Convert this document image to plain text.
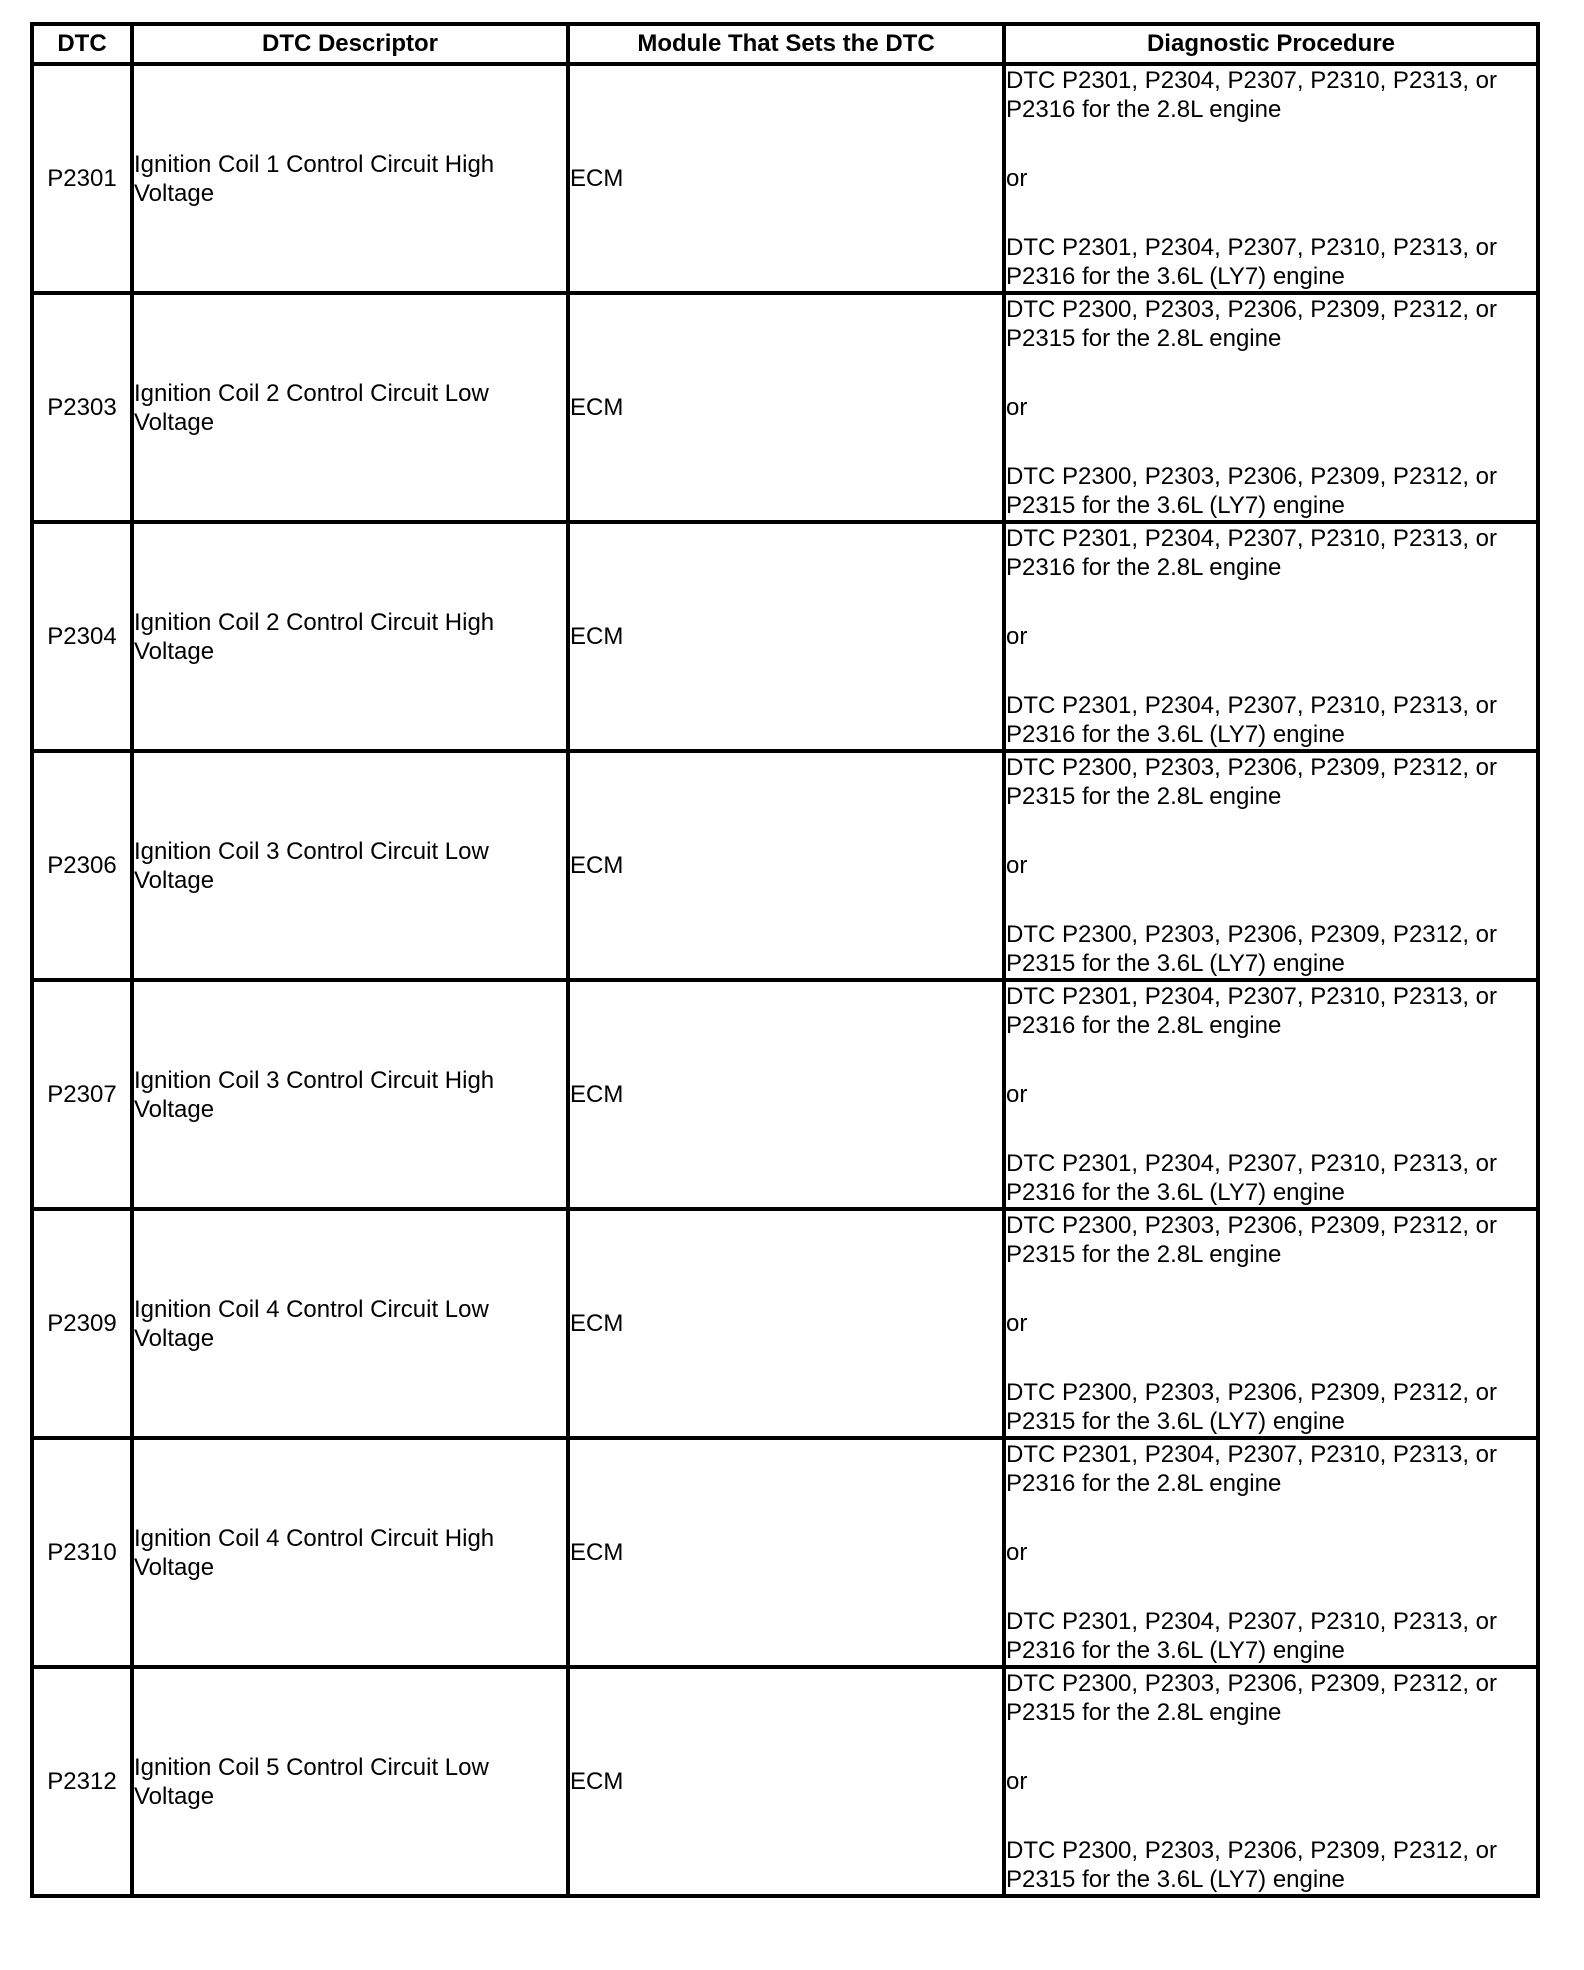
DTC	DTC Descriptor	Module That Sets the DTC	Diagnostic Procedure
P2301	Ignition Coil 1 Control Circuit High Voltage	ECM	DTC P2301, P2304, P2307, P2310, P2313, or P2316 for the 2.8L engine
or
DTC P2301, P2304, P2307, P2310, P2313, or P2316 for the 3.6L (LY7) engine

P2303	Ignition Coil 2 Control Circuit Low Voltage	ECM	DTC P2300, P2303, P2306, P2309, P2312, or P2315 for the 2.8L engine
or
DTC P2300, P2303, P2306, P2309, P2312, or P2315 for the 3.6L (LY7) engine

P2304	Ignition Coil 2 Control Circuit High Voltage	ECM	DTC P2301, P2304, P2307, P2310, P2313, or P2316 for the 2.8L engine
or
DTC P2301, P2304, P2307, P2310, P2313, or P2316 for the 3.6L (LY7) engine

P2306	Ignition Coil 3 Control Circuit Low Voltage	ECM	DTC P2300, P2303, P2306, P2309, P2312, or P2315 for the 2.8L engine
or
DTC P2300, P2303, P2306, P2309, P2312, or P2315 for the 3.6L (LY7) engine

P2307	Ignition Coil 3 Control Circuit High Voltage	ECM	DTC P2301, P2304, P2307, P2310, P2313, or P2316 for the 2.8L engine
or
DTC P2301, P2304, P2307, P2310, P2313, or P2316 for the 3.6L (LY7) engine

P2309	Ignition Coil 4 Control Circuit Low Voltage	ECM	DTC P2300, P2303, P2306, P2309, P2312, or P2315 for the 2.8L engine
or
DTC P2300, P2303, P2306, P2309, P2312, or P2315 for the 3.6L (LY7) engine

P2310	Ignition Coil 4 Control Circuit High Voltage	ECM	DTC P2301, P2304, P2307, P2310, P2313, or P2316 for the 2.8L engine
or
DTC P2301, P2304, P2307, P2310, P2313, or P2316 for the 3.6L (LY7) engine

P2312	Ignition Coil 5 Control Circuit Low Voltage	ECM	DTC P2300, P2303, P2306, P2309, P2312, or P2315 for the 2.8L engine
or
DTC P2300, P2303, P2306, P2309, P2312, or P2315 for the 3.6L (LY7) engine
